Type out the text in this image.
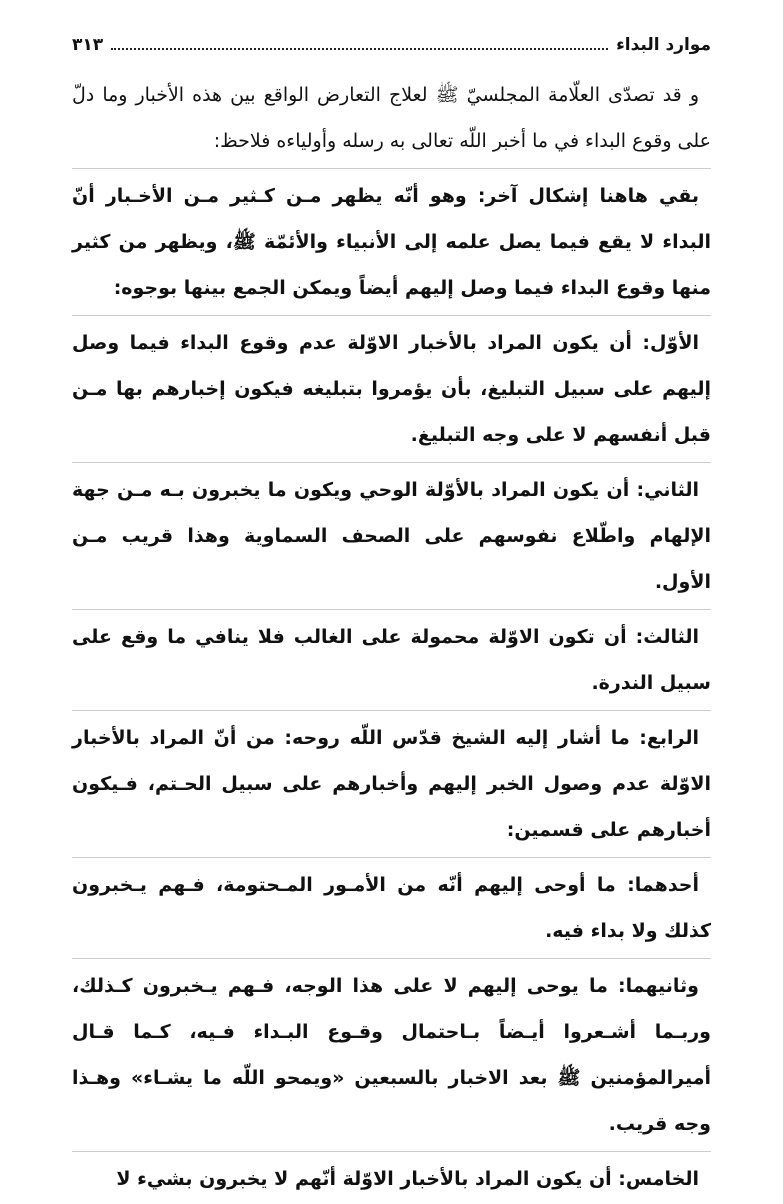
موارد البداء
٣١٣

و قد تصدّى العلّامة المجلسيّ ﷺ لعلاج التعارض الواقع بين هذه الأخبار وما دلّ على وقوع البداء في ما أخبر اللّه تعالى به رسله وأولياءه فلاحظ:

بقي هاهنا إشكال آخر: وهو أنّه يظهر مـن كـثير مـن الأخـبار أنّ البداء لا يقع فيما يصل علمه إلى الأنبياء والأئمّة ﷺ، ويظهر من كثير منها وقوع البداء فيما وصل إليهم أيضاً ويمكن الجمع بينها بوجوه:

الأوّل: أن يكون المراد بالأخبار الاوّلة عدم وقوع البداء فيما وصل إليهم على سبيل التبليغ، بأن يؤمروا بتبليغه فيكون إخبارهم بها مـن قبل أنفسهم لا على وجه التبليغ.

الثاني: أن يكون المراد بالأوّلة الوحي ويكون ما يخبرون بـه مـن جهة الإلهام واطّلاع نفوسهم على الصحف السماوية وهذا قريب مـن الأول.

الثالث: أن تكون الاوّلة محمولة على الغالب فلا ينافي ما وقع على سبيل الندرة.

الرابع: ما أشار إليه الشيخ قدّس اللّه روحه: من أنّ المراد بالأخبار الاوّلة عدم وصول الخبر إليهم وأخبارهم على سبيل الحـتم، فـيكون أخبارهم على قسمين:

أحدهما: ما أوحى إليهم أنّه من الأمـور المـحتومة، فـهم يـخبرون كذلك ولا بداء فيه.

وثانيهما: ما يوحى إليهم لا على هذا الوجه، فـهم يـخبرون كـذلك، وربـما أشـعروا أيـضاً بـاحتمال وقـوع البـداء فـيه، كـما قـال أميرالمؤمنين ﷺ بعد الاخبار بالسبعين «ويمحو اللّه ما يشـاء» وهـذا وجه قريب.

الخامس: أن يكون المراد بالأخبار الاوّلة أنّهم لا يخبرون بشيء لا
